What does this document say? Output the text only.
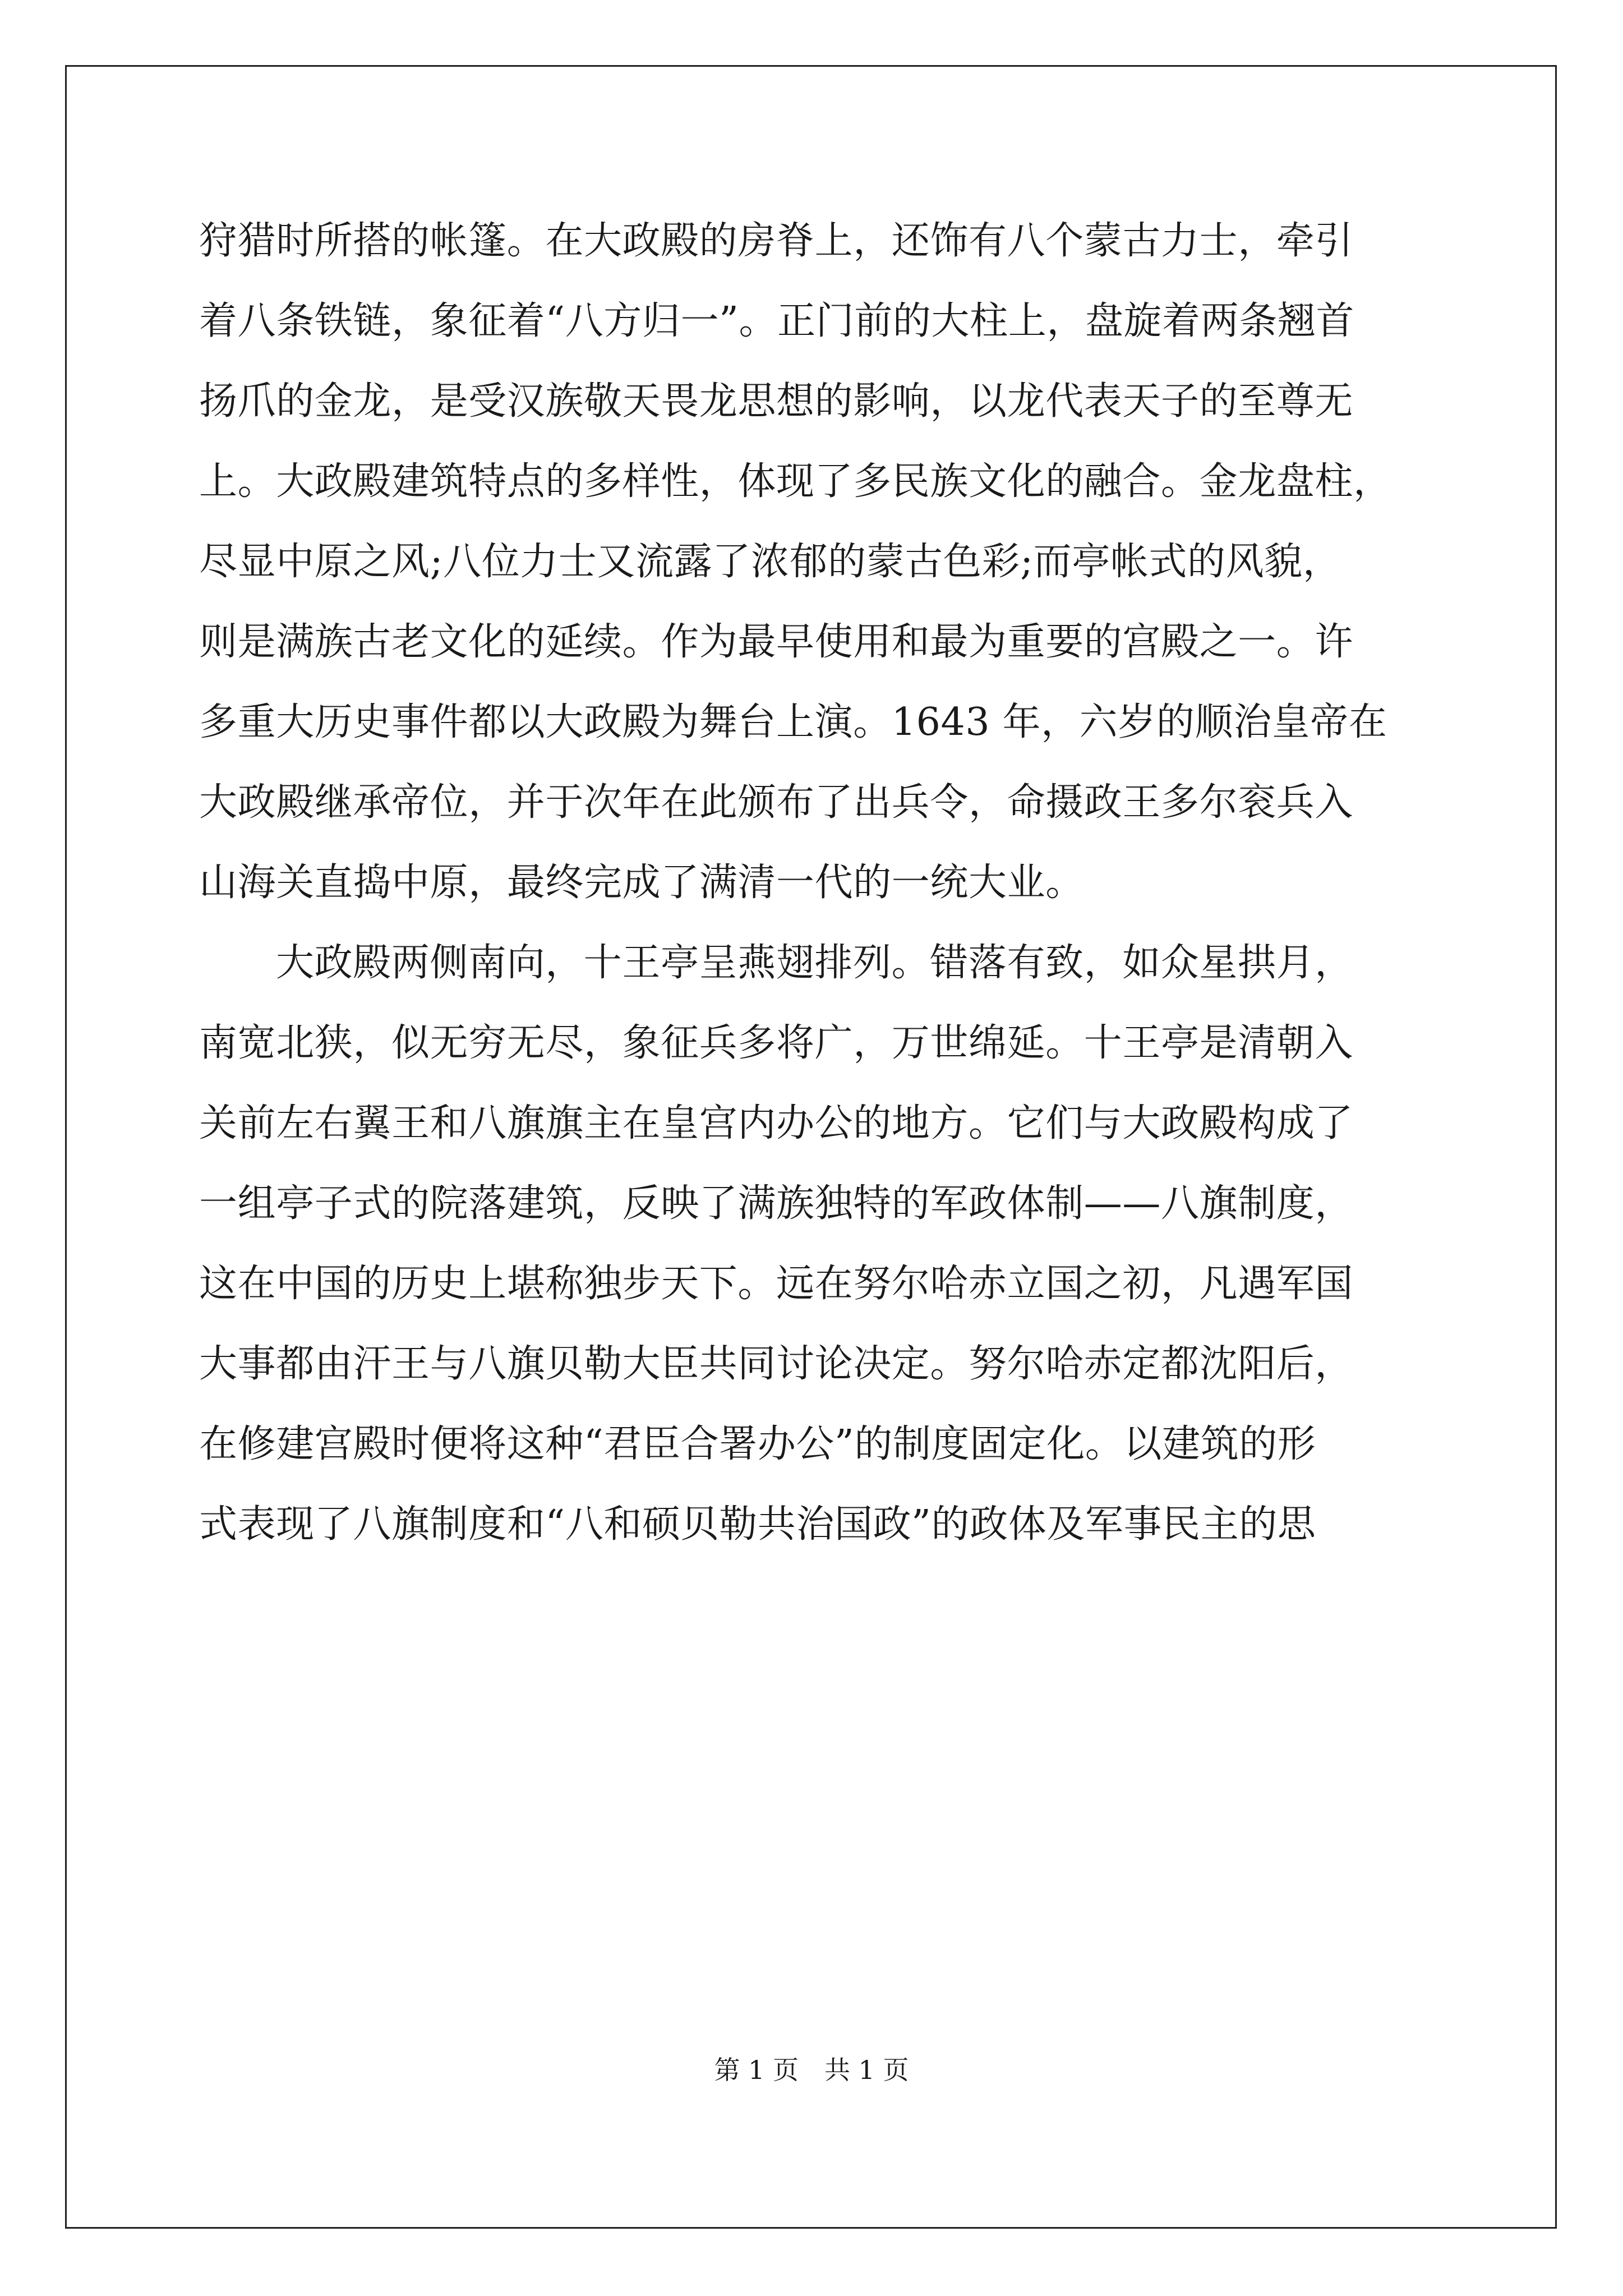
狩猎时所搭的帐篷。在大政殿的房脊上，还饰有八个蒙古力士，牵引
着八条铁链，象征着“八方归一”。正门前的大柱上，盘旋着两条翘首
扬爪的金龙，是受汉族敬天畏龙思想的影响，以龙代表天子的至尊无
上。大政殿建筑特点的多样性，体现了多民族文化的融合。金龙盘柱，
尽显中原之风;八位力士又流露了浓郁的蒙古色彩;而亭帐式的风貌，
则是满族古老文化的延续。作为最早使用和最为重要的宫殿之一。许
多重大历史事件都以大政殿为舞台上演。1643 年，六岁的顺治皇帝在
大政殿继承帝位，并于次年在此颁布了出兵令，命摄政王多尔衮兵入
山海关直捣中原，最终完成了满清一代的一统大业。
大政殿两侧南向，十王亭呈燕翅排列。错落有致，如众星拱月，
南宽北狭，似无穷无尽，象征兵多将广，万世绵延。十王亭是清朝入
关前左右翼王和八旗旗主在皇宫内办公的地方。它们与大政殿构成了
一组亭子式的院落建筑，反映了满族独特的军政体制——八旗制度，
这在中国的历史上堪称独步天下。远在努尔哈赤立国之初，凡遇军国
大事都由汗王与八旗贝勒大臣共同讨论决定。努尔哈赤定都沈阳后，
在修建宫殿时便将这种“君臣合署办公”的制度固定化。以建筑的形
式表现了八旗制度和“八和硕贝勒共治国政”的政体及军事民主的思
第 1 页　共 1 页
